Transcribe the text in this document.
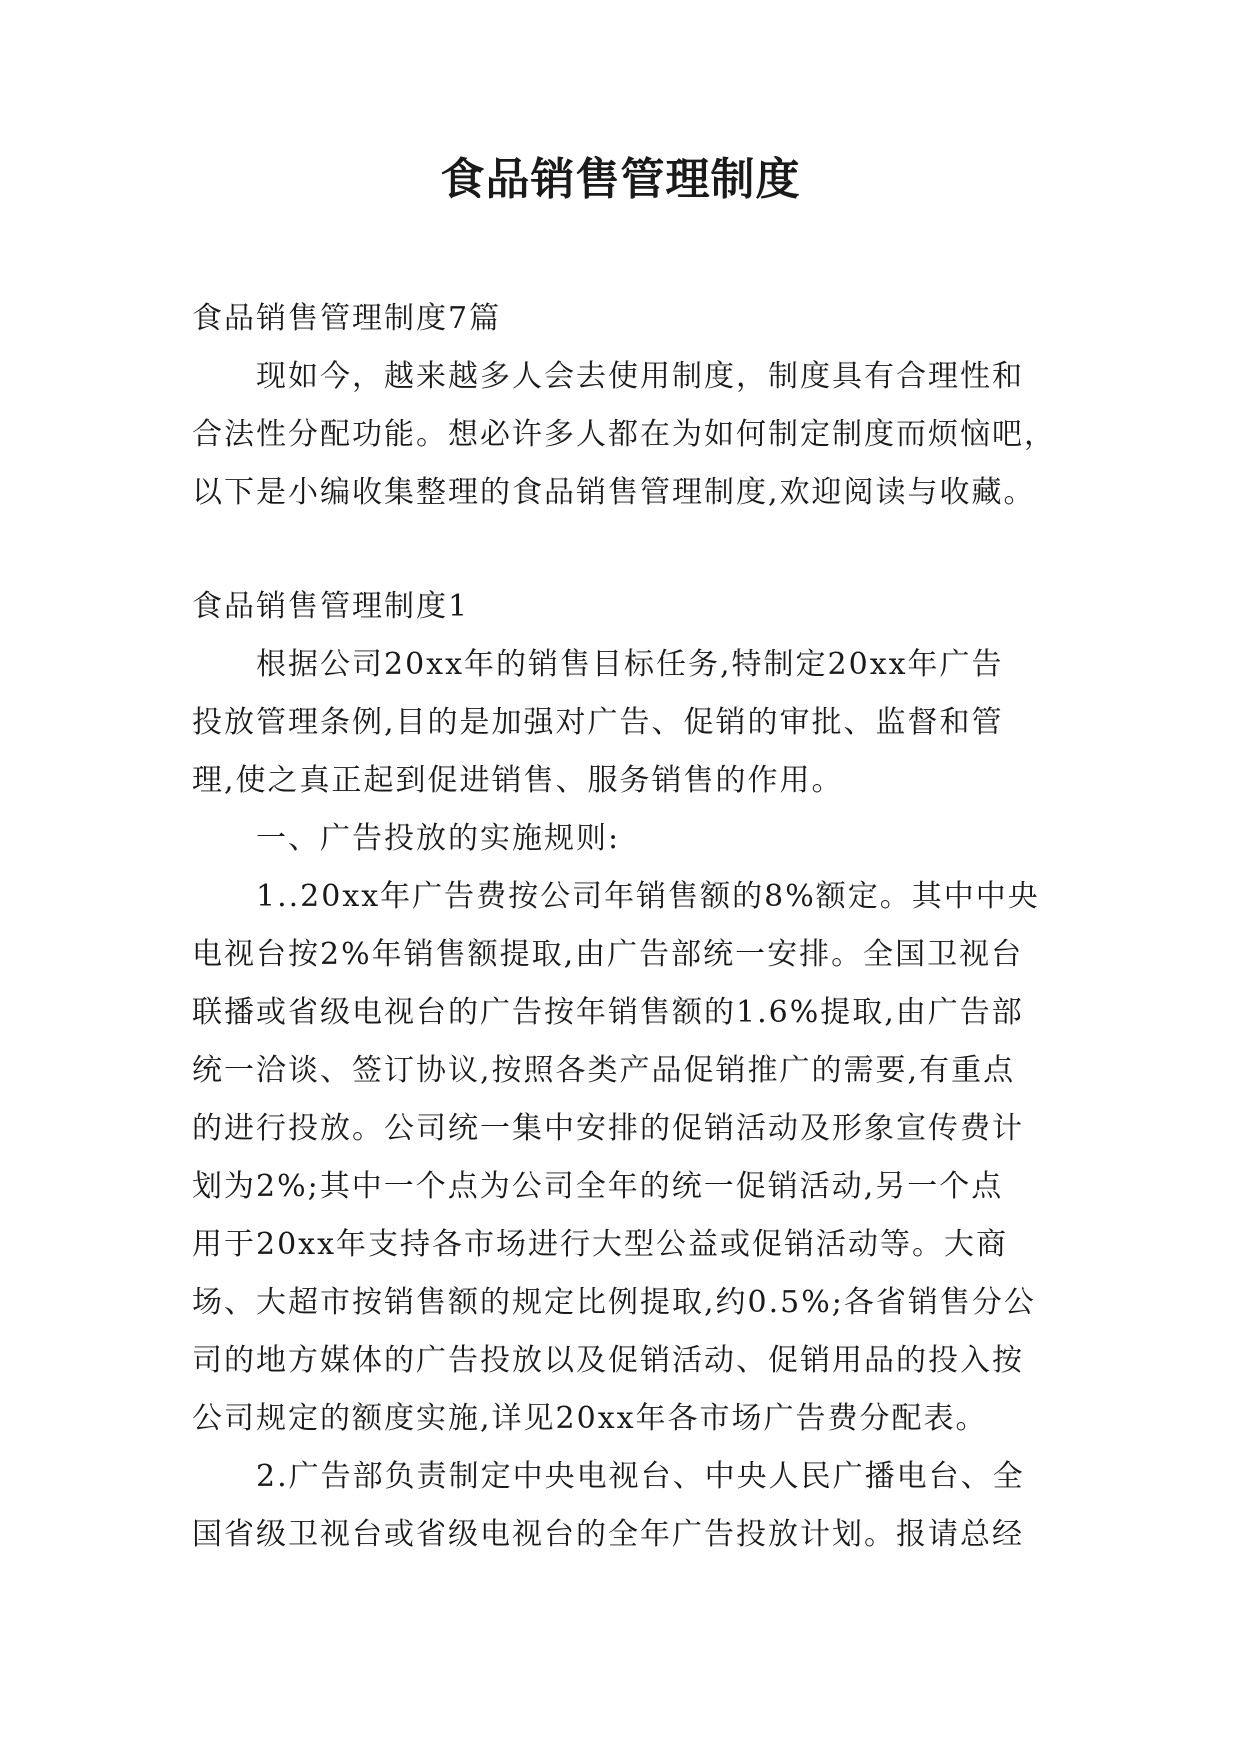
食品销售管理制度

食品销售管理制度7篇

现如今，越来越多人会去使用制度，制度具有合理性和

合法性分配功能。想必许多人都在为如何制定制度而烦恼吧，

以下是小编收集整理的食品销售管理制度,欢迎阅读与收藏。

食品销售管理制度1

根据公司20xx年的销售目标任务,特制定20xx年广告

投放管理条例,目的是加强对广告、促销的审批、监督和管

理,使之真正起到促进销售、服务销售的作用。

一、广告投放的实施规则:

1..20xx年广告费按公司年销售额的8%额定。其中中央

电视台按2%年销售额提取,由广告部统一安排。全国卫视台

联播或省级电视台的广告按年销售额的1.6%提取,由广告部

统一洽谈、签订协议,按照各类产品促销推广的需要,有重点

的进行投放。公司统一集中安排的促销活动及形象宣传费计

划为2%;其中一个点为公司全年的统一促销活动,另一个点

用于20xx年支持各市场进行大型公益或促销活动等。大商

场、大超市按销售额的规定比例提取,约0.5%;各省销售分公

司的地方媒体的广告投放以及促销活动、促销用品的投入按

公司规定的额度实施,详见20xx年各市场广告费分配表。

2.广告部负责制定中央电视台、中央人民广播电台、全

国省级卫视台或省级电视台的全年广告投放计划。报请总经
